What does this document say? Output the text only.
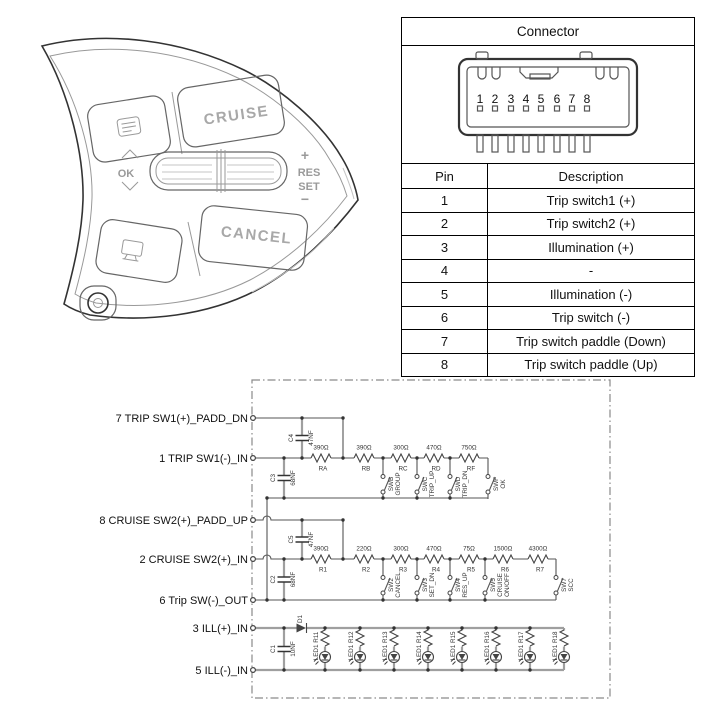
CRUISE
OK
+
RES
SET
−
CANCEL
Connector
1 2 3 4 5 6 7 8
Pin	Description
1	Trip switch1 (+)
2	Trip switch2 (+)
3	Illumination (+)
4	-
5	Illumination (-)
6	Trip switch (-)
7	Trip switch paddle (Down)
8	Trip switch paddle (Up)
7 TRIP SW1(+)_PADD_DN
1 TRIP SW1(-)_IN
8 CRUISE SW2(+)_PADD_UP
2 CRUISE SW2(+)_IN
6 Trip SW(-)_OUT
3 ILL(+)_IN
5 ILL(-)_IN
C4 47NF
C3 68NF
C5 47NF
C2 68NF
C1 10NF
D1
390Ω
RA
390Ω
RB
300Ω
RC
470Ω
RD
750Ω
RF
390Ω
R1
220Ω
R2
300Ω
R3
470Ω
R4
75Ω
R5
1500Ω
R6
4300Ω
R7
SWB GROUP	SWC TRIP_UP	SWD TRIP_DN	SWF OK
SW2 CANCEL	SW3 SET_DN	SW4 RES_UP	SW5 CRUISE ON/OFF	SW7 SCC
LED1 R11	LED1 R12	LED1 R13	LED1 R14	LED1 R15	LED1 R16	LED1 R17	LED1 R18
